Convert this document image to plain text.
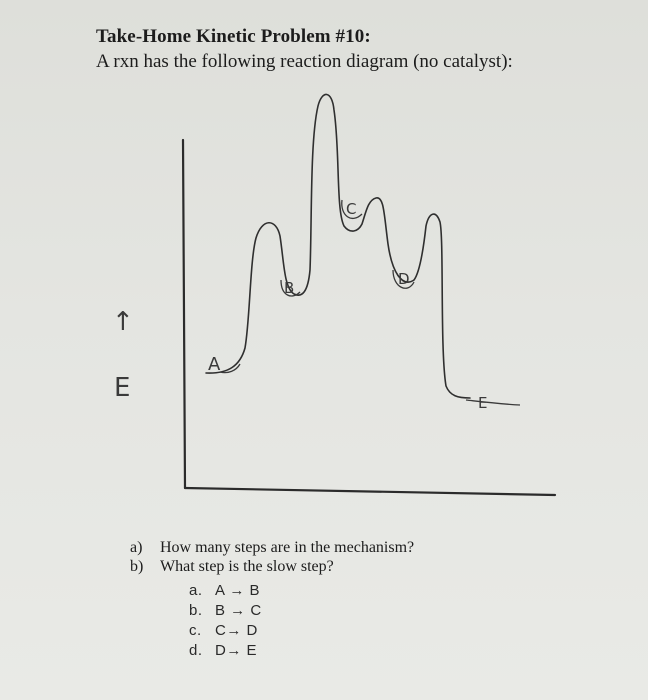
Take-Home Kinetic Problem #10:
A rxn has the following reaction diagram (no catalyst):
A
B
C
D
E
↑
E
a) How many steps are in the mechanism?
b) What step is the slow step?
a. A → B
b. B → C
c. C→ D
d. D→ E
